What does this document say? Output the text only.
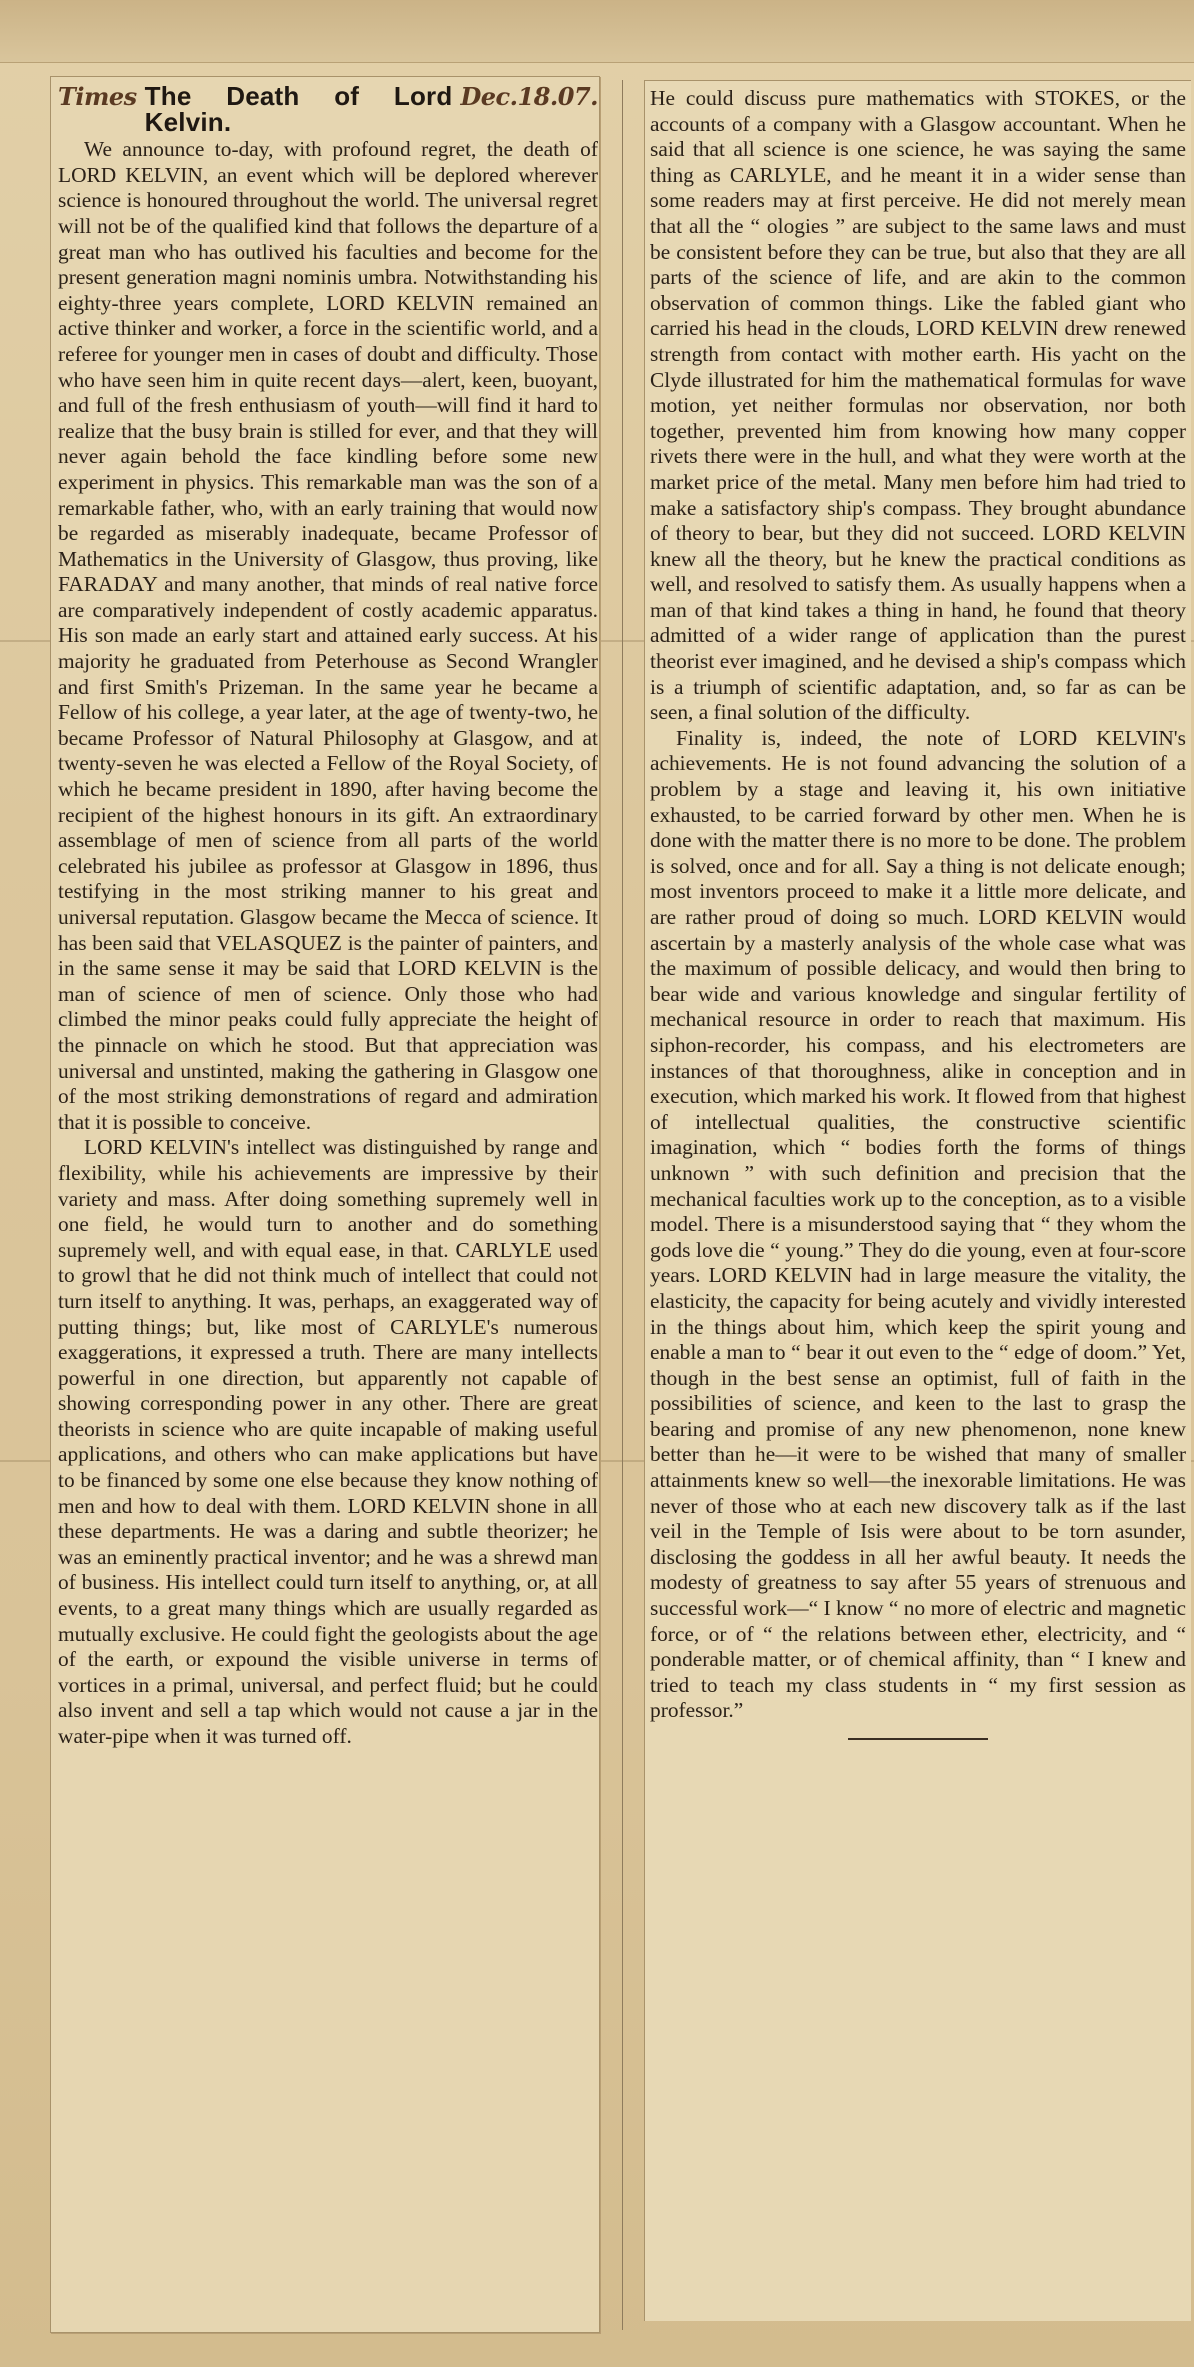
Times The Death of Lord Kelvin.
Dec.18.07.

We announce to-day, with profound regret, the death of LORD KELVIN, an event which will be deplored wherever science is honoured throughout the world. The universal regret will not be of the qualified kind that follows the departure of a great man who has outlived his faculties and become for the present generation magni nominis umbra. Notwithstanding his eighty-three years complete, LORD KELVIN remained an active thinker and worker, a force in the scientific world, and a referee for younger men in cases of doubt and difficulty. Those who have seen him in quite recent days—alert, keen, buoyant, and full of the fresh enthusiasm of youth—will find it hard to realize that the busy brain is stilled for ever, and that they will never again behold the face kindling before some new experiment in physics. This remarkable man was the son of a remarkable father, who, with an early training that would now be regarded as miserably inadequate, became Professor of Mathematics in the University of Glasgow, thus proving, like FARADAY and many another, that minds of real native force are comparatively independent of costly academic apparatus. His son made an early start and attained early success. At his majority he graduated from Peterhouse as Second Wrangler and first Smith's Prizeman. In the same year he became a Fellow of his college, a year later, at the age of twenty-two, he became Professor of Natural Philosophy at Glasgow, and at twenty-seven he was elected a Fellow of the Royal Society, of which he became president in 1890, after having become the recipient of the highest honours in its gift. An extraordinary assemblage of men of science from all parts of the world celebrated his jubilee as professor at Glasgow in 1896, thus testifying in the most striking manner to his great and universal reputation. Glasgow became the Mecca of science. It has been said that VELASQUEZ is the painter of painters, and in the same sense it may be said that LORD KELVIN is the man of science of men of science. Only those who had climbed the minor peaks could fully appreciate the height of the pinnacle on which he stood. But that appreciation was universal and unstinted, making the gathering in Glasgow one of the most striking demonstrations of regard and admiration that it is possible to conceive.

LORD KELVIN's intellect was distinguished by range and flexibility, while his achievements are impressive by their variety and mass. After doing something supremely well in one field, he would turn to another and do something supremely well, and with equal ease, in that. CARLYLE used to growl that he did not think much of intellect that could not turn itself to anything. It was, perhaps, an exaggerated way of putting things; but, like most of CARLYLE's numerous exaggerations, it expressed a truth. There are many intellects powerful in one direction, but apparently not capable of showing corresponding power in any other. There are great theorists in science who are quite incapable of making useful applications, and others who can make applications but have to be financed by some one else because they know nothing of men and how to deal with them. LORD KELVIN shone in all these departments. He was a daring and subtle theorizer; he was an eminently practical inventor; and he was a shrewd man of business. His intellect could turn itself to anything, or, at all events, to a great many things which are usually regarded as mutually exclusive. He could fight the geologists about the age of the earth, or expound the visible universe in terms of vortices in a primal, universal, and perfect fluid; but he could also invent and sell a tap which would not cause a jar in the water-pipe when it was turned off.

He could discuss pure mathematics with STOKES, or the accounts of a company with a Glasgow accountant. When he said that all science is one science, he was saying the same thing as CARLYLE, and he meant it in a wider sense than some readers may at first perceive. He did not merely mean that all the “ ologies ” are subject to the same laws and must be consistent before they can be true, but also that they are all parts of the science of life, and are akin to the common observation of common things. Like the fabled giant who carried his head in the clouds, LORD KELVIN drew renewed strength from contact with mother earth. His yacht on the Clyde illustrated for him the mathematical formulas for wave motion, yet neither formulas nor observation, nor both together, prevented him from knowing how many copper rivets there were in the hull, and what they were worth at the market price of the metal. Many men before him had tried to make a satisfactory ship's compass. They brought abundance of theory to bear, but they did not succeed. LORD KELVIN knew all the theory, but he knew the practical conditions as well, and resolved to satisfy them. As usually happens when a man of that kind takes a thing in hand, he found that theory admitted of a wider range of application than the purest theorist ever imagined, and he devised a ship's compass which is a triumph of scientific adaptation, and, so far as can be seen, a final solution of the difficulty.

Finality is, indeed, the note of LORD KELVIN's achievements. He is not found advancing the solution of a problem by a stage and leaving it, his own initiative exhausted, to be carried forward by other men. When he is done with the matter there is no more to be done. The problem is solved, once and for all. Say a thing is not delicate enough; most inventors proceed to make it a little more delicate, and are rather proud of doing so much. LORD KELVIN would ascertain by a masterly analysis of the whole case what was the maximum of possible delicacy, and would then bring to bear wide and various knowledge and singular fertility of mechanical resource in order to reach that maximum. His siphon-recorder, his compass, and his electrometers are instances of that thoroughness, alike in conception and in execution, which marked his work. It flowed from that highest of intellectual qualities, the constructive scientific imagination, which “ bodies forth the forms of things unknown ” with such definition and precision that the mechanical faculties work up to the conception, as to a visible model. There is a misunderstood saying that “ they whom the gods love die “ young.” They do die young, even at four-score years. LORD KELVIN had in large measure the vitality, the elasticity, the capacity for being acutely and vividly interested in the things about him, which keep the spirit young and enable a man to “ bear it out even to the “ edge of doom.” Yet, though in the best sense an optimist, full of faith in the possibilities of science, and keen to the last to grasp the bearing and promise of any new phenomenon, none knew better than he—it were to be wished that many of smaller attainments knew so well—the inexorable limitations. He was never of those who at each new discovery talk as if the last veil in the Temple of Isis were about to be torn asunder, disclosing the goddess in all her awful beauty. It needs the modesty of greatness to say after 55 years of strenuous and successful work—“ I know “ no more of electric and magnetic force, or of “ the relations between ether, electricity, and “ ponderable matter, or of chemical affinity, than “ I knew and tried to teach my class students in “ my first session as professor.”
